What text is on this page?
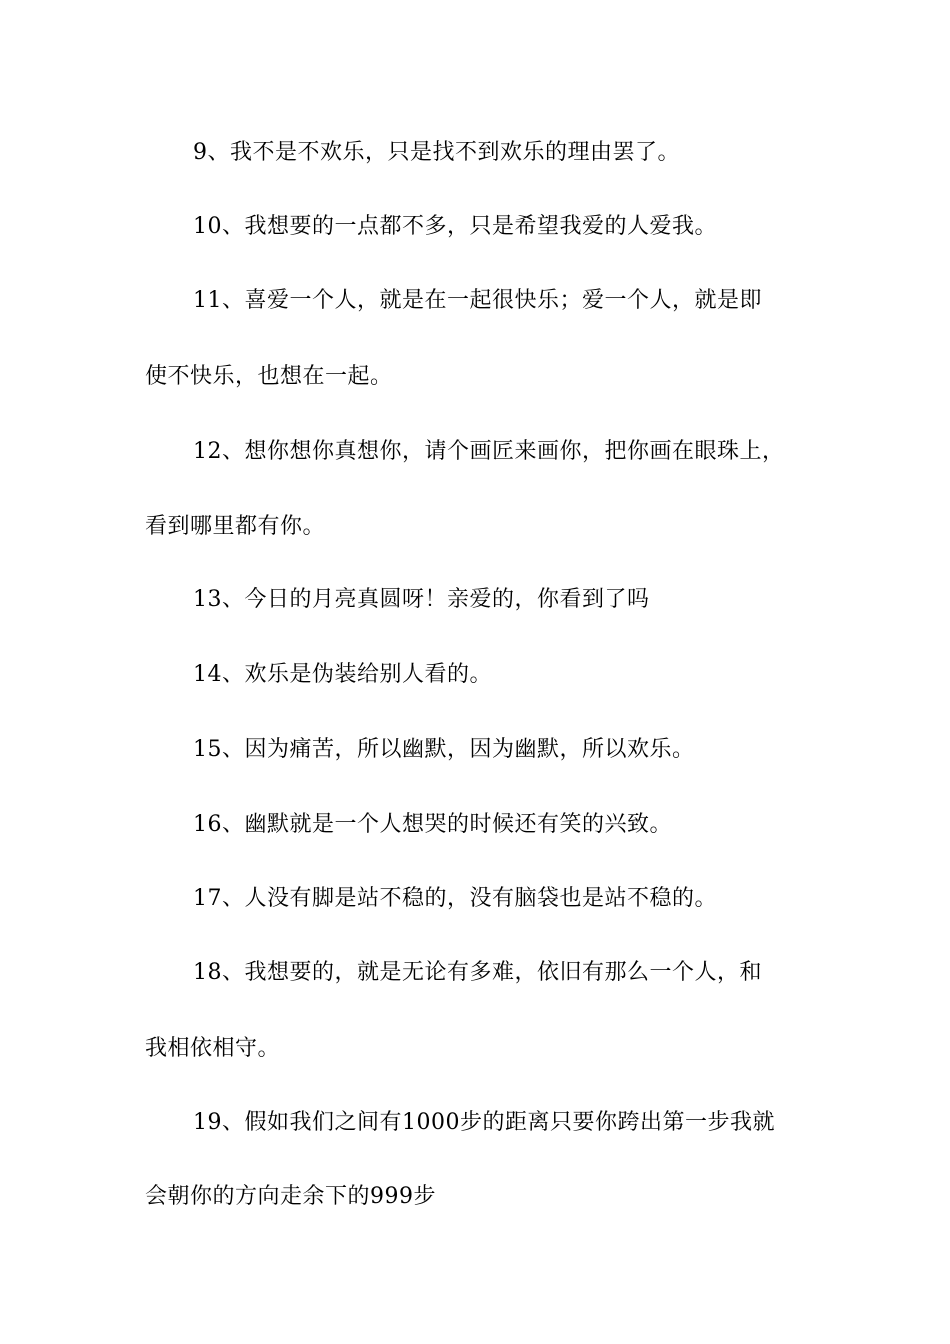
9、我不是不欢乐，只是找不到欢乐的理由罢了。
10、我想要的一点都不多，只是希望我爱的人爱我。
11、喜爱一个人，就是在一起很快乐；爱一个人，就是即
使不快乐，也想在一起。
12、想你想你真想你，请个画匠来画你，把你画在眼珠上，
看到哪里都有你。
13、今日的月亮真圆呀！亲爱的，你看到了吗
14、欢乐是伪装给别人看的。
15、因为痛苦，所以幽默，因为幽默，所以欢乐。
16、幽默就是一个人想哭的时候还有笑的兴致。
17、人没有脚是站不稳的，没有脑袋也是站不稳的。
18、我想要的，就是无论有多难，依旧有那么一个人，和
我相依相守。
19、假如我们之间有1000步的距离只要你跨出第一步我就
会朝你的方向走余下的999步
